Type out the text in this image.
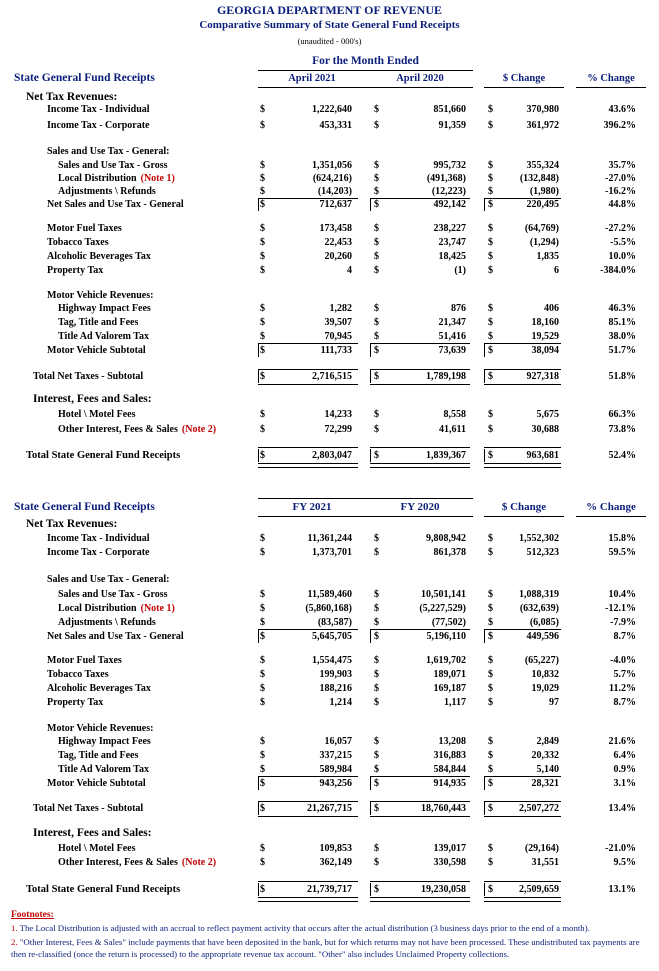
GEORGIA DEPARTMENT OF REVENUE
Comparative Summary of State General Fund Receipts
(unaudited - 000's)
For the Month Ended
State General Fund Receipts	April 2021	April 2020	$ Change	% Change
Net Tax Revenues:
Income Tax - Individual	$	1,222,640 $	851,660 $	370,980	43.6%
Income Tax - Corporate	$	453,331 $	91,359 $	361,972	396.2%
Sales and Use Tax - General:
Sales and Use Tax - Gross	$	1,351,056 $	995,732 $	355,324	35.7%
Local Distribution (Note 1)	$	(624,216) $	(491,368) $	(132,848)	-27.0%
Adjustments \ Refunds	$	(14,203) $	(12,223) $	(1,980)	-16.2%
Net Sales and Use Tax - General	$	712,637 $	492,142 $	220,495	44.8%
Motor Fuel Taxes	$	173,458 $	238,227 $	(64,769)	-27.2%
Tobacco Taxes	$	22,453 $	23,747 $	(1,294)	-5.5%
Alcoholic Beverages Tax	$	20,260 $	18,425 $	1,835	10.0%
Property Tax	$	4 $	(1) $	6	-384.0%
Motor Vehicle Revenues:
Highway Impact Fees	$	1,282 $	876 $	406	46.3%
Tag, Title and Fees	$	39,507 $	21,347 $	18,160	85.1%
Title Ad Valorem Tax	$	70,945 $	51,416 $	19,529	38.0%
Motor Vehicle Subtotal	$	111,733 $	73,639 $	38,094	51.7%
Total Net Taxes - Subtotal	$	2,716,515 $	1,789,198 $	927,318	51.8%
Interest, Fees and Sales:
Hotel \ Motel Fees	$	14,233 $	8,558 $	5,675	66.3%
Other Interest, Fees & Sales (Note 2)	$	72,299 $	41,611 $	30,688	73.8%
Total State General Fund Receipts	$	2,803,047 $	1,839,367 $	963,681	52.4%
State General Fund Receipts	FY 2021	FY 2020	$ Change	% Change
Net Tax Revenues:
Income Tax - Individual	$	11,361,244 $	9,808,942 $	1,552,302	15.8%
Income Tax - Corporate	$	1,373,701 $	861,378 $	512,323	59.5%
Sales and Use Tax - General:
Sales and Use Tax - Gross	$	11,589,460 $	10,501,141 $	1,088,319	10.4%
Local Distribution (Note 1)	$	(5,860,168) $	(5,227,529) $	(632,639)	-12.1%
Adjustments \ Refunds	$	(83,587) $	(77,502) $	(6,085)	-7.9%
Net Sales and Use Tax - General	$	5,645,705 $	5,196,110 $	449,596	8.7%
Motor Fuel Taxes	$	1,554,475 $	1,619,702 $	(65,227)	-4.0%
Tobacco Taxes	$	199,903 $	189,071 $	10,832	5.7%
Alcoholic Beverages Tax	$	188,216 $	169,187 $	19,029	11.2%
Property Tax	$	1,214 $	1,117 $	97	8.7%
Motor Vehicle Revenues:
Highway Impact Fees	$	16,057 $	13,208 $	2,849	21.6%
Tag, Title and Fees	$	337,215 $	316,883 $	20,332	6.4%
Title Ad Valorem Tax	$	589,984 $	584,844 $	5,140	0.9%
Motor Vehicle Subtotal	$	943,256 $	914,935 $	28,321	3.1%
Total Net Taxes - Subtotal	$	21,267,715 $	18,760,443 $	2,507,272	13.4%
Interest, Fees and Sales:
Hotel \ Motel Fees	$	109,853 $	139,017 $	(29,164)	-21.0%
Other Interest, Fees & Sales (Note 2)	$	362,149 $	330,598 $	31,551	9.5%
Total State General Fund Receipts	$	21,739,717 $	19,230,058 $	2,509,659	13.1%
Footnotes:
1. The Local Distribution is adjusted with an accrual to reflect payment activity that occurs after the actual distribution (3 business days prior to the end of a month).
2. "Other Interest, Fees & Sales" include payments that have been deposited in the bank, but for which returns may not have been processed. These undistributed tax payments are then re-classified (once the return is processed) to the appropriate revenue tax account. "Other" also includes Unclaimed Property collections.
